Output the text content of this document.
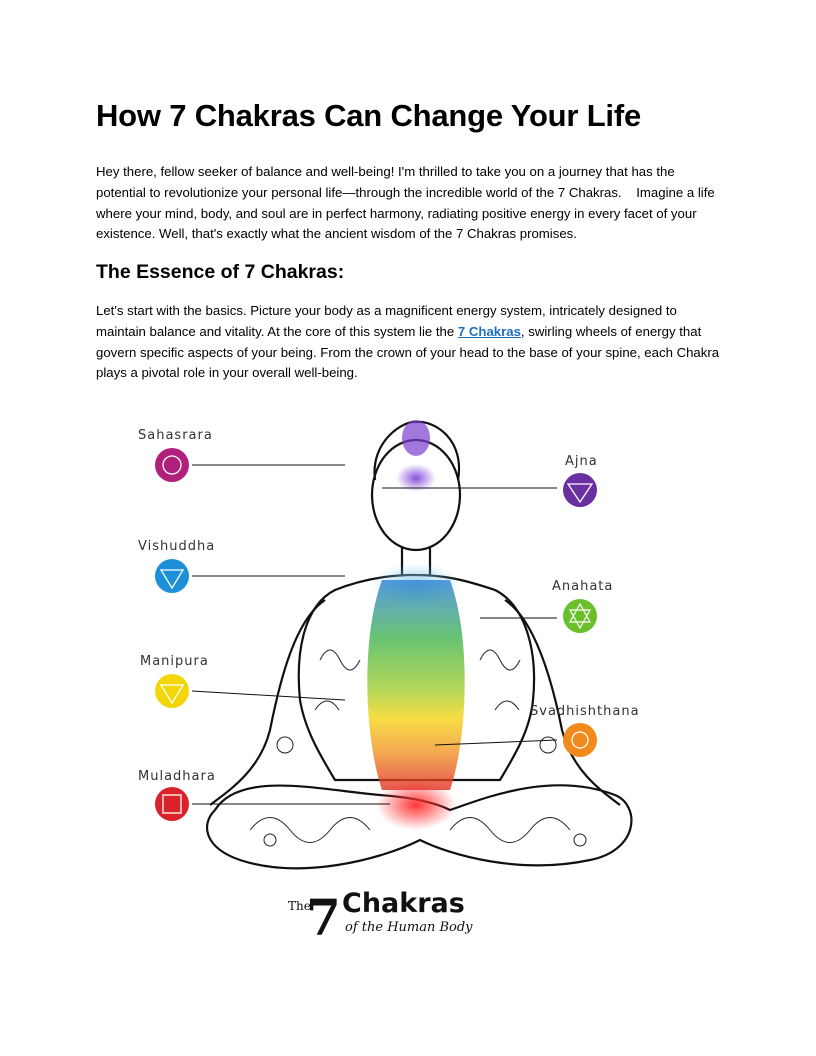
How 7 Chakras Can Change Your Life

Hey there, fellow seeker of balance and well-being! I'm thrilled to take you on a journey that has the potential to revolutionize your personal life—through the incredible world of the 7 Chakras.    Imagine a life where your mind, body, and soul are in perfect harmony, radiating positive energy in every facet of your existence. Well, that's exactly what the ancient wisdom of the 7 Chakras promises.

The Essence of 7 Chakras:

Let's start with the basics. Picture your body as a magnificent energy system, intricately designed to maintain balance and vitality. At the core of this system lie the 7 Chakras, swirling wheels of energy that govern specific aspects of your being. From the crown of your head to the base of your spine, each Chakra plays a pivotal role in your overall well-being.

Sahasrara
Ajna
Vishuddha
Anahata
Manipura
Svadhishthana
Muladhara
The
7 Chakras
of the Human Body
